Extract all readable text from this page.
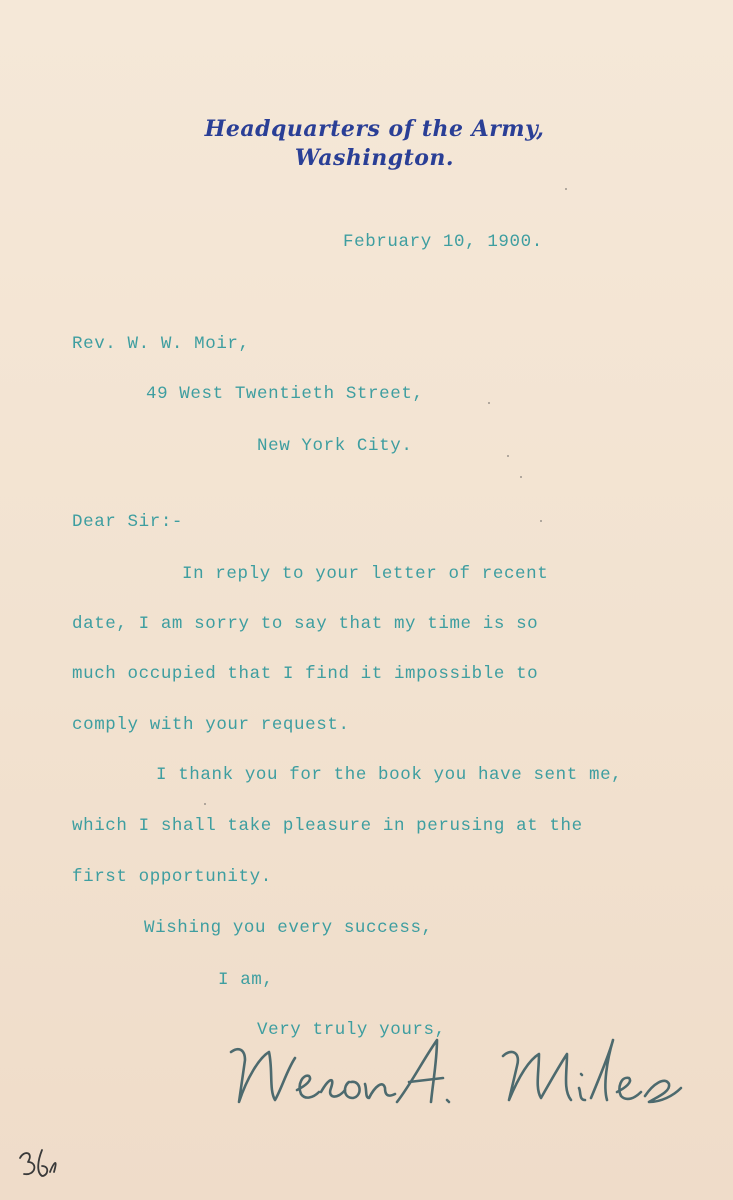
Headquarters of the Army,
Washington.
February 10, 1900.
Rev. W. W. Moir,
49 West Twentieth Street,
New York City.
Dear Sir:-
In reply to your letter of recent
date, I am sorry to say that my time is so
much occupied that I find it impossible to
comply with your request.
I thank you for the book you have sent me,
which I shall take pleasure in perusing at the
first opportunity.
Wishing you every success,
I am,
Very truly yours,
